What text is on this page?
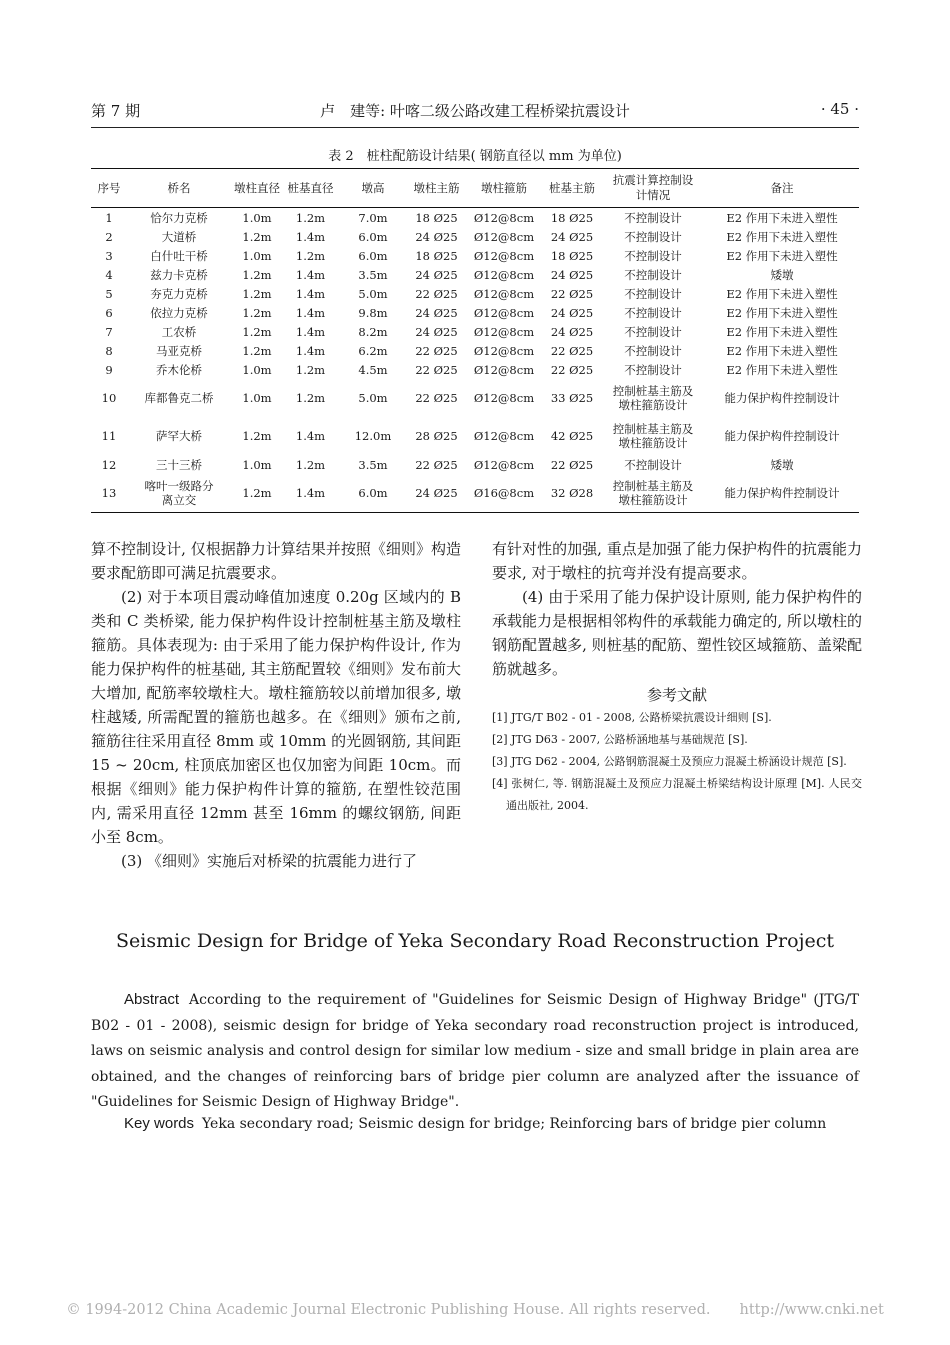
第 7 期	卢　建等: 叶喀二级公路改建工程桥梁抗震设计	· 45 ·
表 2　桩柱配筋设计结果( 钢筋直径以 mm 为单位)
序号	桥名	墩柱直径	桩基直径	墩高	墩柱主筋	墩柱箍筋	桩基主筋	抗震计算控制设计情况	备注

1	恰尔力克桥	1.0m	1.2m	7.0m	18 Ø25	Ø12@8cm	18 Ø25	不控制设计	E2 作用下未进入塑性

2	大道桥	1.2m	1.4m	6.0m	24 Ø25	Ø12@8cm	24 Ø25	不控制设计	E2 作用下未进入塑性

3	白什吐干桥	1.0m	1.2m	6.0m	18 Ø25	Ø12@8cm	18 Ø25	不控制设计	E2 作用下未进入塑性

4	兹力卡克桥	1.2m	1.4m	3.5m	24 Ø25	Ø12@8cm	24 Ø25	不控制设计	矮墩

5	夯克力克桥	1.2m	1.4m	5.0m	22 Ø25	Ø12@8cm	22 Ø25	不控制设计	E2 作用下未进入塑性

6	依拉力克桥	1.2m	1.4m	9.8m	24 Ø25	Ø12@8cm	24 Ø25	不控制设计	E2 作用下未进入塑性

7	工农桥	1.2m	1.4m	8.2m	24 Ø25	Ø12@8cm	24 Ø25	不控制设计	E2 作用下未进入塑性

8	马亚克桥	1.2m	1.4m	6.2m	22 Ø25	Ø12@8cm	22 Ø25	不控制设计	E2 作用下未进入塑性

9	乔木伦桥	1.0m	1.2m	4.5m	22 Ø25	Ø12@8cm	22 Ø25	不控制设计	E2 作用下未进入塑性

10	库都鲁克二桥	1.0m	1.2m	5.0m	22 Ø25	Ø12@8cm	33 Ø25	控制桩基主筋及墩柱箍筋设计	能力保护构件控制设计

11	萨罕大桥	1.2m	1.4m	12.0m	28 Ø25	Ø12@8cm	42 Ø25	控制桩基主筋及墩柱箍筋设计	能力保护构件控制设计

12	三十三桥	1.0m	1.2m	3.5m	22 Ø25	Ø12@8cm	22 Ø25	不控制设计	矮墩

13	喀叶一级路分离立交	1.2m	1.4m	6.0m	24 Ø25	Ø16@8cm	32 Ø28	控制桩基主筋及墩柱箍筋设计	能力保护构件控制设计

算不控制设计, 仅根据静力计算结果并按照《细则》构造要求配筋即可满足抗震要求。

(2) 对于本项目震动峰值加速度 0.20g 区域内的 B 类和 C 类桥梁, 能力保护构件设计控制桩基主筋及墩柱箍筋。具体表现为: 由于采用了能力保护构件设计, 作为能力保护构件的桩基础, 其主筋配置较《细则》发布前大大增加, 配筋率较墩柱大。墩柱箍筋较以前增加很多, 墩柱越矮, 所需配置的箍筋也越多。在《细则》颁布之前, 箍筋往往采用直径 8mm 或 10mm 的光圆钢筋, 其间距 15 ~ 20cm, 柱顶底加密区也仅加密为间距 10cm。而根据《细则》能力保护构件计算的箍筋, 在塑性铰范围内, 需采用直径 12mm 甚至 16mm 的螺纹钢筋, 间距小至 8cm。

(3) 《细则》实施后对桥梁的抗震能力进行了

有针对性的加强, 重点是加强了能力保护构件的抗震能力要求, 对于墩柱的抗弯并没有提高要求。

(4) 由于采用了能力保护设计原则, 能力保护构件的承载能力是根据相邻构件的承载能力确定的, 所以墩柱的钢筋配置越多, 则桩基的配筋、塑性铰区域箍筋、盖梁配筋就越多。

参考文献

[1] JTG/T B02 - 01 - 2008, 公路桥梁抗震设计细则 [S].
[2] JTG D63 - 2007, 公路桥涵地基与基础规范 [S].
[3] JTG D62 - 2004, 公路钢筋混凝土及预应力混凝土桥涵设计规范 [S].
[4] 张树仁, 等. 钢筋混凝土及预应力混凝土桥梁结构设计原理 [M]. 人民交通出版社, 2004.
Seismic Design for Bridge of Yeka Secondary Road Reconstruction Project
Abstract According to the requirement of "Guidelines for Seismic Design of Highway Bridge" (JTG/T B02 - 01 - 2008), seismic design for bridge of Yeka secondary road reconstruction project is introduced, laws on seismic analysis and control design for similar low medium - size and small bridge in plain area are obtained, and the changes of reinforcing bars of bridge pier column are analyzed after the issuance of "Guidelines for Seismic Design of Highway Bridge".
Key words Yeka secondary road; Seismic design for bridge; Reinforcing bars of bridge pier column
© 1994-2012 China Academic Journal Electronic Publishing House. All rights reserved.　　http://www.cnki.net
